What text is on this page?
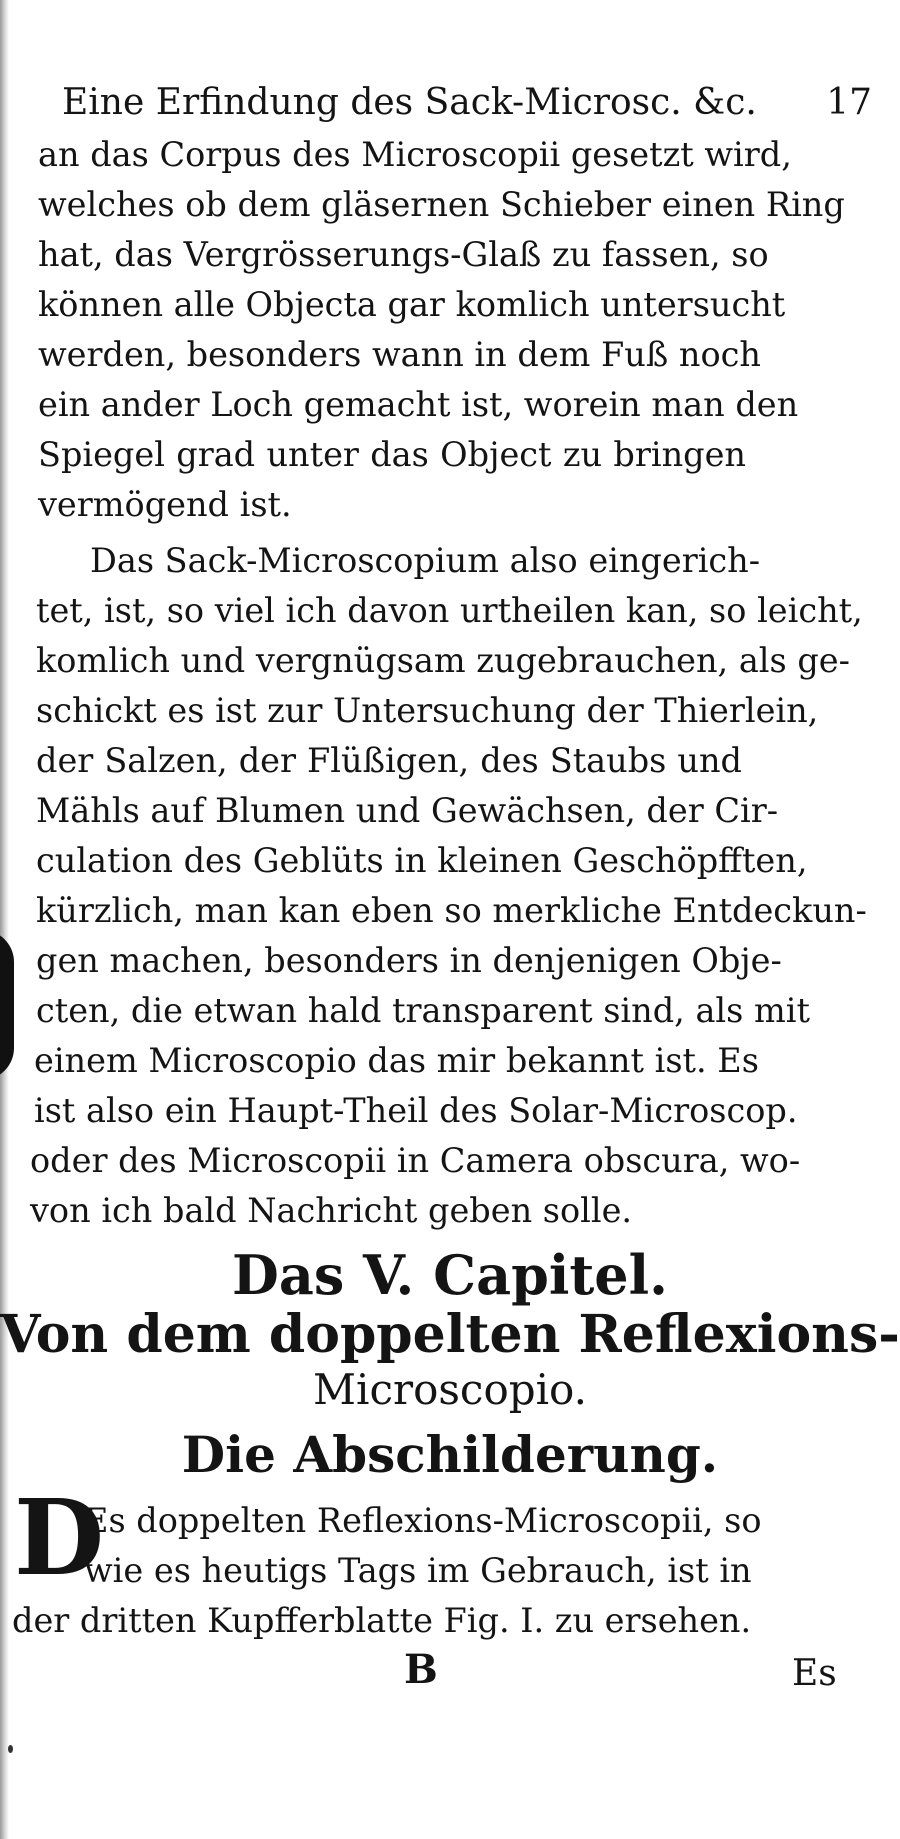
Eine Erfindung des Sack-Microsc. &c. 17
an das Corpus des Microscopii gesetzt wird,
welches ob dem gläsernen Schieber einen Ring
hat, das Vergrösserungs-Glaß zu fassen, so
können alle Objecta gar komlich untersucht
werden, besonders wann in dem Fuß noch
ein ander Loch gemacht ist, worein man den
Spiegel grad unter das Object zu bringen
vermögend ist.
Das Sack-Microscopium also eingerich-
tet, ist, so viel ich davon urtheilen kan, so leicht,
komlich und vergnügsam zugebrauchen, als ge-
schickt es ist zur Untersuchung der Thierlein,
der Salzen, der Flüßigen, des Staubs und
Mähls auf Blumen und Gewächsen, der Cir-
culation des Geblüts in kleinen Geschöpfften,
kürzlich, man kan eben so merkliche Entdeckun-
gen machen, besonders in denjenigen Obje-
cten, die etwan hald transparent sind, als mit
einem Microscopio das mir bekannt ist. Es
ist also ein Haupt-Theil des Solar-Microscop.
oder des Microscopii in Camera obscura, wo-
von ich bald Nachricht geben solle.
Das V. Capitel.
Von dem doppelten Reflexions-
Microscopio.
Die Abschilderung.
D
Es doppelten Reflexions-Microscopii, so
wie es heutigs Tags im Gebrauch, ist in
der dritten Kupfferblatte Fig. I. zu ersehen.
B	Es
